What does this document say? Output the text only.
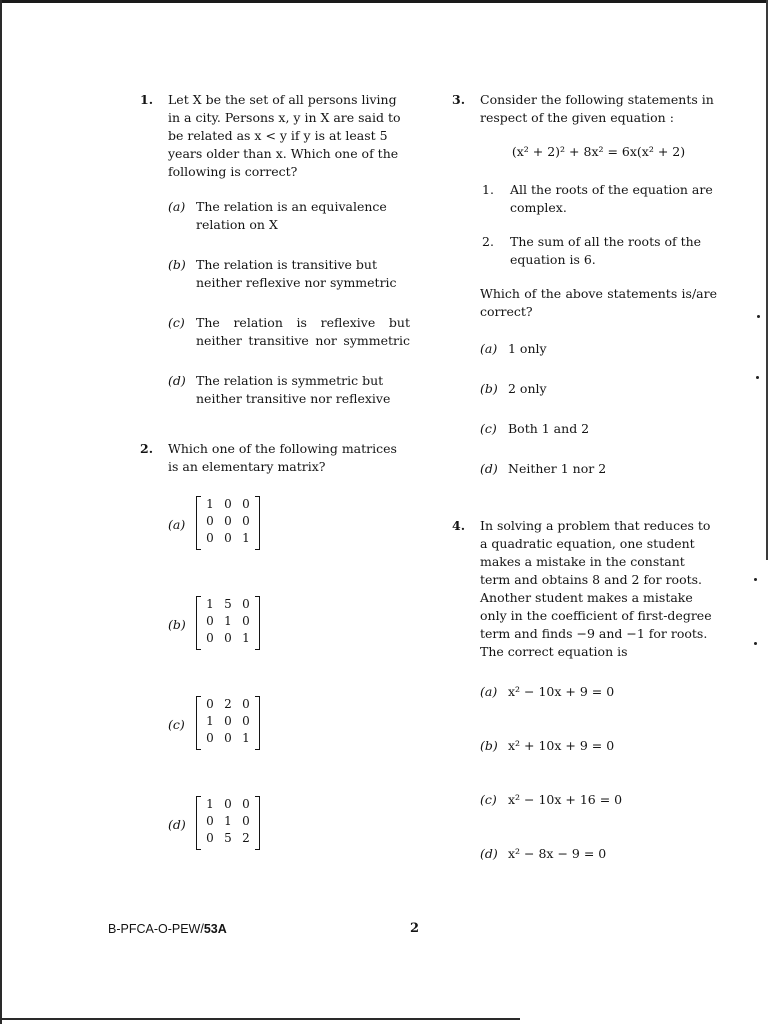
1. Let X be the set of all persons living in a city. Persons x, y in X are said to be related as x < y if y is at least 5 years older than x. Which one of the following is correct?
(a) The relation is an equivalence relation on X
(b) The relation is transitive but neither reflexive nor symmetric
(c) The relation is reflexive but neither transitive nor symmetric
(d) The relation is symmetric but neither transitive nor reflexive
2. Which one of the following matrices is an elementary matrix?
(a)
1	0	0
0	0	0
0	0	1
(b)
1	5	0
0	1	0
0	0	1
(c)
0	2	0
1	0	0
0	0	1
(d)
1	0	0
0	1	0
0	5	2
3. Consider the following statements in respect of the given equation :
(x² + 2)² + 8x² = 6x(x² + 2)
1. All the roots of the equation are complex.
2. The sum of all the roots of the equation is 6.
Which of the above statements is/are correct?
(a) 1 only
(b) 2 only
(c) Both 1 and 2
(d) Neither 1 nor 2
4. In solving a problem that reduces to a quadratic equation, one student makes a mistake in the constant term and obtains 8 and 2 for roots. Another student makes a mistake only in the coefficient of first-degree term and finds −9 and −1 for roots. The correct equation is
(a) x² − 10x + 9 = 0
(b) x² + 10x + 9 = 0
(c) x² − 10x + 16 = 0
(d) x² − 8x − 9 = 0
B-PFCA-O-PEW/53A	2
